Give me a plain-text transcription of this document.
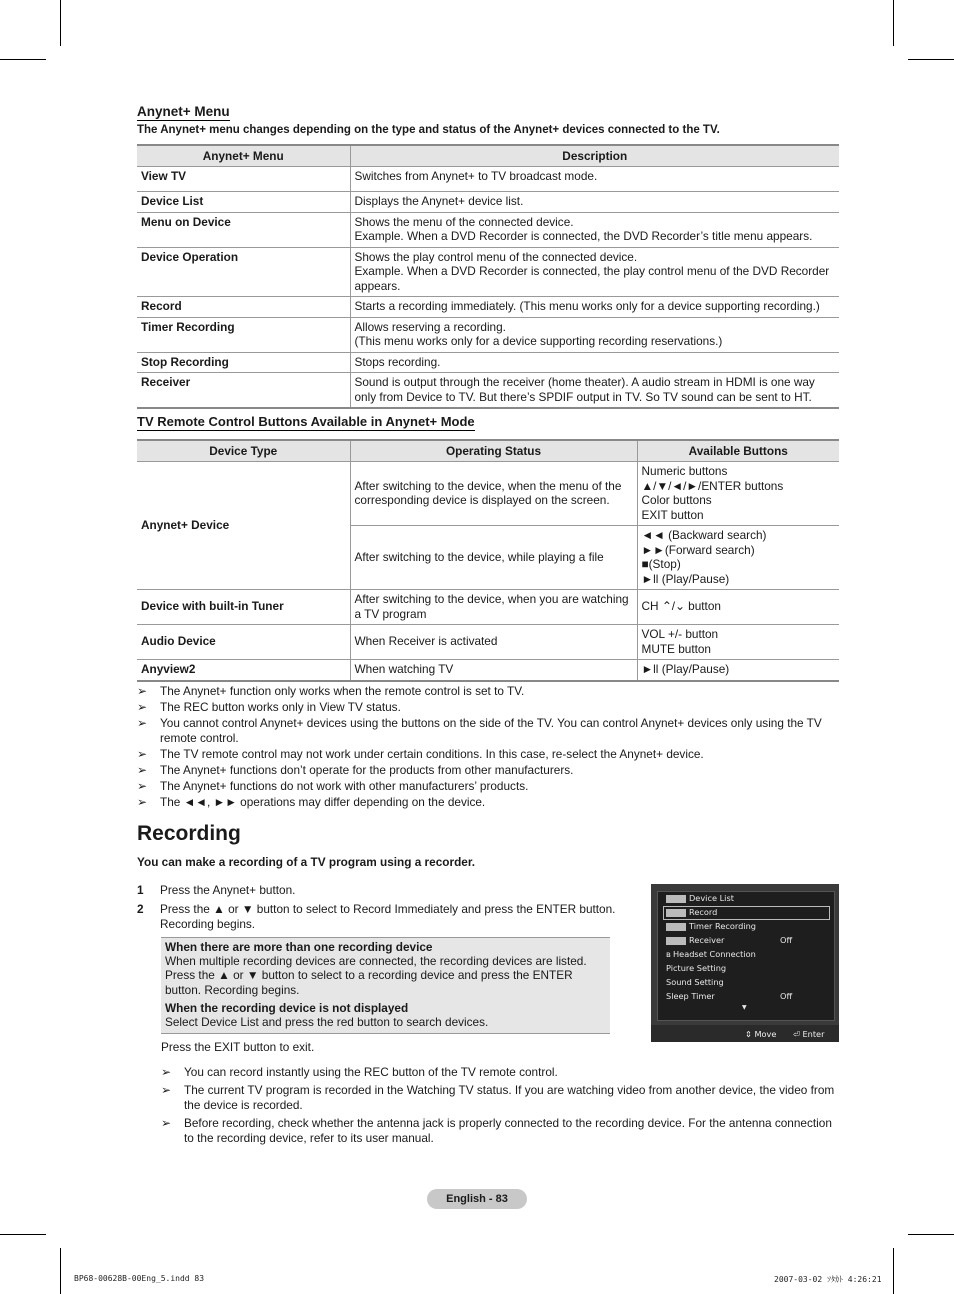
Anynet+ Menu
The Anynet+ menu changes depending on the type and status of the Anynet+ devices connected to the TV.
Anynet+ Menu	Description
View TV	Switches from Anynet+ to TV broadcast mode.
Device List	Displays the Anynet+ device list.
Menu on Device	Shows the menu of the connected device.
Example. When a DVD Recorder is connected, the DVD Recorder’s title menu appears.
Device Operation	Shows the play control menu of the connected device.
Example. When a DVD Recorder is connected, the play control menu of the DVD Recorder appears.
Record	Starts a recording immediately. (This menu works only for a device supporting recording.)
Timer Recording	Allows reserving a recording.
(This menu works only for a device supporting recording reservations.)
Stop Recording	Stops recording.
Receiver	Sound is output through the receiver (home theater). A audio stream in HDMI is one way only from Device to TV. But there’s SPDIF output in TV. So TV sound can be sent to HT.
TV Remote Control Buttons Available in Anynet+ Mode
Device Type	Operating Status	Available Buttons
Anynet+ Device	After switching to the device, when the menu of the corresponding device is displayed on the screen.	Numeric buttons
▲/▼/◄/►/ENTER buttons
Color buttons
EXIT button
	After switching to the device, while playing a file	◄◄ (Backward search)
►►(Forward search)
■(Stop)
►ll (Play/Pause)
Device with built-in Tuner	After switching to the device, when you are watching a TV program	CH ⌃/⌄ button
Audio Device	When Receiver is activated	VOL +/- button
MUTE button
Anyview2	When watching TV	►ll (Play/Pause)
➢ The Anynet+ function only works when the remote control is set to TV.
➢ The REC button works only in View TV status.
➢ You cannot control Anynet+ devices using the buttons on the side of the TV. You can control Anynet+ devices only using the TV remote control.
➢ The TV remote control may not work under certain conditions. In this case, re-select the Anynet+ device.
➢ The Anynet+ functions don’t operate for the products from other manufacturers.
➢ The Anynet+ functions do not work with other manufacturers’ products.
➢ The ◄◄, ►► operations may differ depending on the device.
Recording
You can make a recording of a TV program using a recorder.
1 Press the Anynet+ button.
2	Press the ▲ or ▼ button to select to Record Immediately and press the ENTER button. Recording begins.
When there are more than one recording device
When multiple recording devices are connected, the recording devices are listed. Press the ▲ or ▼ button to select to a recording device and press the ENTER button. Recording begins.
When the recording device is not displayed
Select Device List and press the red button to search devices.
Press the EXIT button to exit.
➢ You can record instantly using the REC button of the TV remote control.
➢ The current TV program is recorded in the Watching TV status. If you are watching video from another device, the video from the device is recorded.
➢ Before recording, check whether the antenna jack is properly connected to the recording device. For the antenna connection to the recording device, refer to its user manual.
Device List
Record
Timer Recording
Receiver	Off
ʙ Headset Connection
Picture Setting
Sound Setting
Sleep Timer	Off
▼
⇕ Move ⏎ Enter
English - 83
BP68-00628B-00Eng_5.indd 83	2007-03-02 ｿﾀｶﾄ 4:26:21
